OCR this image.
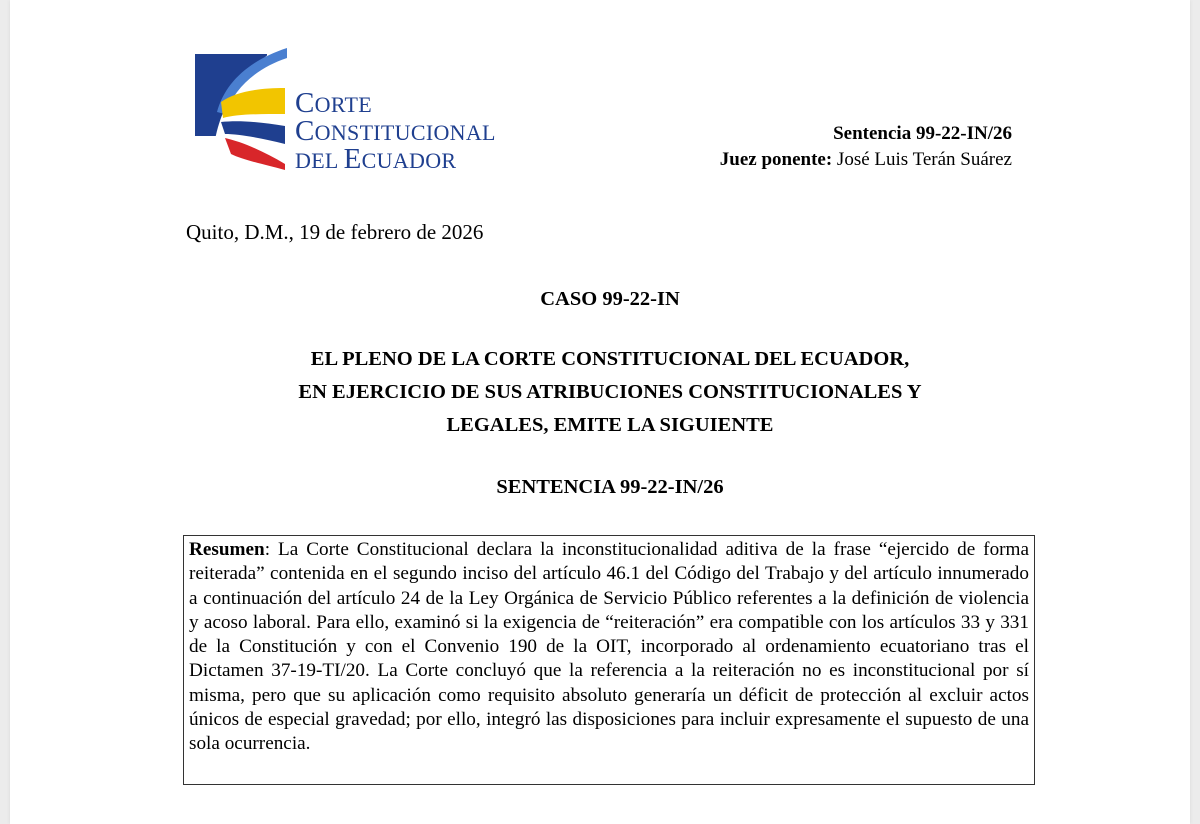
CORTE
CONSTITUCIONAL
DEL ECUADOR
Sentencia 99-22-IN/26
Juez ponente: José Luis Terán Suárez
Quito, D.M., 19 de febrero de 2026
CASO 99-22-IN
EL PLENO DE LA CORTE CONSTITUCIONAL DEL ECUADOR,
EN EJERCICIO DE SUS ATRIBUCIONES CONSTITUCIONALES Y
LEGALES, EMITE LA SIGUIENTE
SENTENCIA 99-22-IN/26
Resumen: La Corte Constitucional declara la inconstitucionalidad aditiva de la frase “ejercido de forma reiterada” contenida en el segundo inciso del artículo 46.1 del Código del Trabajo y del artículo innumerado a continuación del artículo 24 de la Ley Orgánica de Servicio Público referentes a la definición de violencia y acoso laboral. Para ello, examinó si la exigencia de “reiteración” era compatible con los artículos 33 y 331 de la Constitución y con el Convenio 190 de la OIT, incorporado al ordenamiento ecuatoriano tras el Dictamen 37-19-TI/20. La Corte concluyó que la referencia a la reiteración no es inconstitucional por sí misma, pero que su aplicación como requisito absoluto generaría un déficit de protección al excluir actos únicos de especial gravedad; por ello, integró las disposiciones para incluir expresamente el supuesto de una sola ocurrencia.
